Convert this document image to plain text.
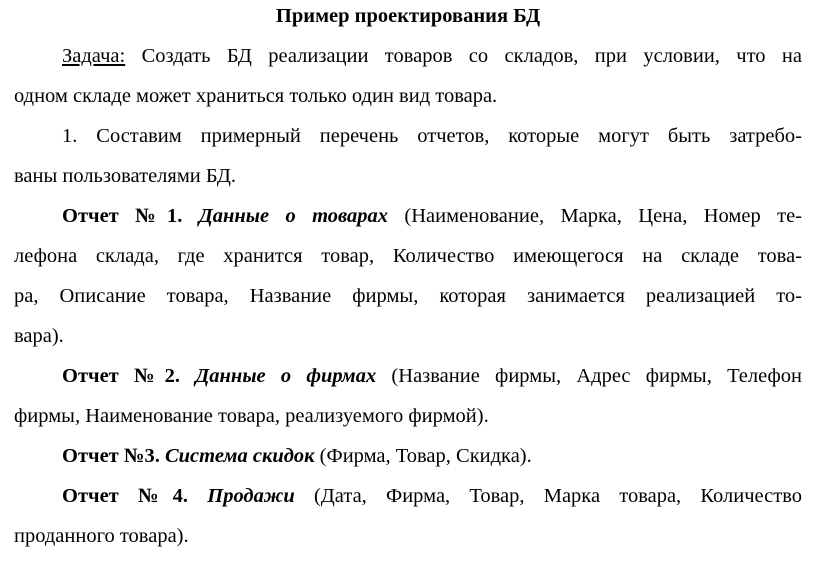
Пример проектирования БД
Задача: Создать БД реализации товаров со складов, при условии, что на
одном складе может храниться только один вид товара.
1. Составим примерный перечень отчетов, которые могут быть затребо-
ваны пользователями БД.
Отчет №1. Данные о товарах (Наименование, Марка, Цена, Номер те-
лефона склада, где хранится товар, Количество имеющегося на складе това-
ра, Описание товара, Название фирмы, которая занимается реализацией то-
вара).
Отчет №2. Данные о фирмах (Название фирмы, Адрес фирмы, Телефон
фирмы, Наименование товара, реализуемого фирмой).
Отчет №3. Система скидок (Фирма, Товар, Скидка).
Отчет №4. Продажи (Дата, Фирма, Товар, Марка товара, Количество
проданного товара).
